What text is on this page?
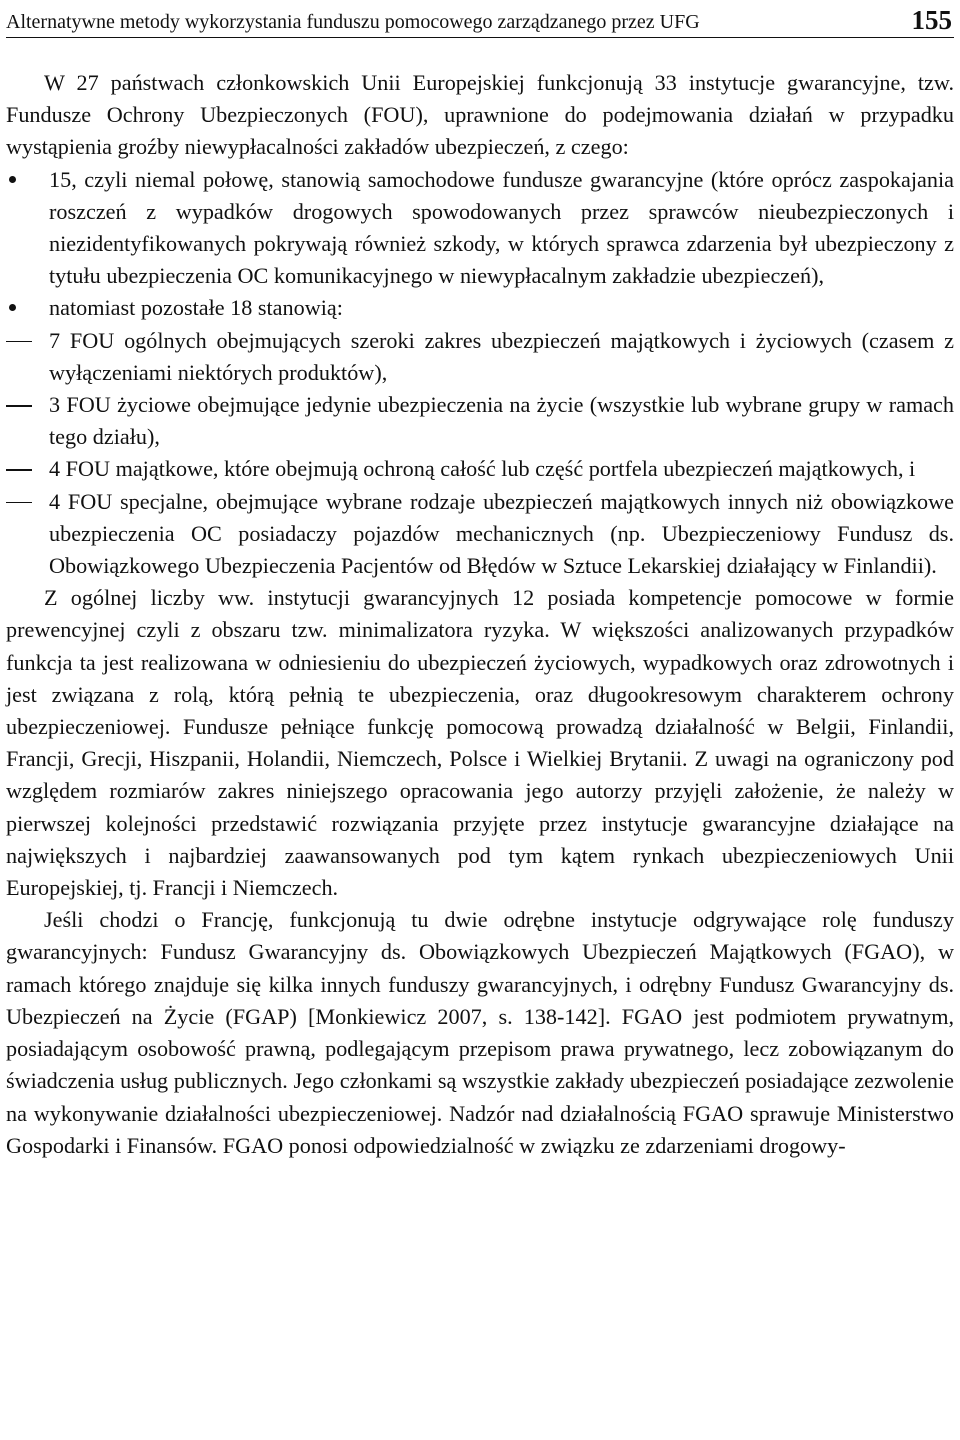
Alternatywne metody wykorzystania funduszu pomocowego zarządzanego przez UFG	155

W 27 państwach członkowskich Unii Europejskiej funkcjonują 33 instytucje gwarancyjne, tzw. Fundusze Ochrony Ubezpieczonych (FOU), uprawnione do podejmowania działań w przypadku wystąpienia groźby niewypłacalności zakładów ubezpieczeń, z czego:

15, czyli niemal połowę, stanowią samochodowe fundusze gwarancyjne (które oprócz zaspokajania roszczeń z wypadków drogowych spowodowanych przez sprawców nieubezpieczonych i niezidentyfikowanych pokrywają również szkody, w których sprawca zdarzenia był ubezpieczony z tytułu ubezpieczenia OC komunikacyjnego w niewypłacalnym zakładzie ubezpieczeń),
natomiast pozostałe 18 stanowią:
7 FOU ogólnych obejmujących szeroki zakres ubezpieczeń majątkowych i życiowych (czasem z wyłączeniami niektórych produktów),
3 FOU życiowe obejmujące jedynie ubezpieczenia na życie (wszystkie lub wybrane grupy w ramach tego działu),
4 FOU majątkowe, które obejmują ochroną całość lub część portfela ubezpieczeń majątkowych, i
4 FOU specjalne, obejmujące wybrane rodzaje ubezpieczeń majątkowych innych niż obowiązkowe ubezpieczenia OC posiadaczy pojazdów mechanicznych (np. Ubezpieczeniowy Fundusz ds. Obowiązkowego Ubezpieczenia Pacjentów od Błędów w Sztuce Lekarskiej działający w Finlandii).

Z ogólnej liczby ww. instytucji gwarancyjnych 12 posiada kompetencje pomocowe w formie prewencyjnej czyli z obszaru tzw. minimalizatora ryzyka. W większości analizowanych przypadków funkcja ta jest realizowana w odniesieniu do ubezpieczeń życiowych, wypadkowych oraz zdrowotnych i jest związana z rolą, którą pełnią te ubezpieczenia, oraz długookresowym charakterem ochrony ubezpieczeniowej. Fundusze pełniące funkcję pomocową prowadzą działalność w Belgii, Finlandii, Francji, Grecji, Hiszpanii, Holandii, Niemczech, Polsce i Wielkiej Brytanii. Z uwagi na ograniczony pod względem rozmiarów zakres niniejszego opracowania jego autorzy przyjęli założenie, że należy w pierwszej kolejności przedstawić rozwiązania przyjęte przez instytucje gwarancyjne działające na największych i najbardziej zaawansowanych pod tym kątem rynkach ubezpieczeniowych Unii Europejskiej, tj. Francji i Niemczech.

Jeśli chodzi o Francję, funkcjonują tu dwie odrębne instytucje odgrywające rolę funduszy gwarancyjnych: Fundusz Gwarancyjny ds. Obowiązkowych Ubezpieczeń Majątkowych (FGAO), w ramach którego znajduje się kilka innych funduszy gwarancyjnych, i odrębny Fundusz Gwarancyjny ds. Ubezpieczeń na Życie (FGAP) [Monkiewicz 2007, s. 138-142]. FGAO jest podmiotem prywatnym, posiadającym osobowość prawną, podlegającym przepisom prawa prywatnego, lecz zobowiązanym do świadczenia usług publicznych. Jego członkami są wszystkie zakłady ubezpieczeń posiadające zezwolenie na wykonywanie działalności ubezpieczeniowej. Nadzór nad działalnością FGAO sprawuje Ministerstwo Gospodarki i Finansów. FGAO ponosi odpowiedzialność w związku ze zdarzeniami drogowy-
